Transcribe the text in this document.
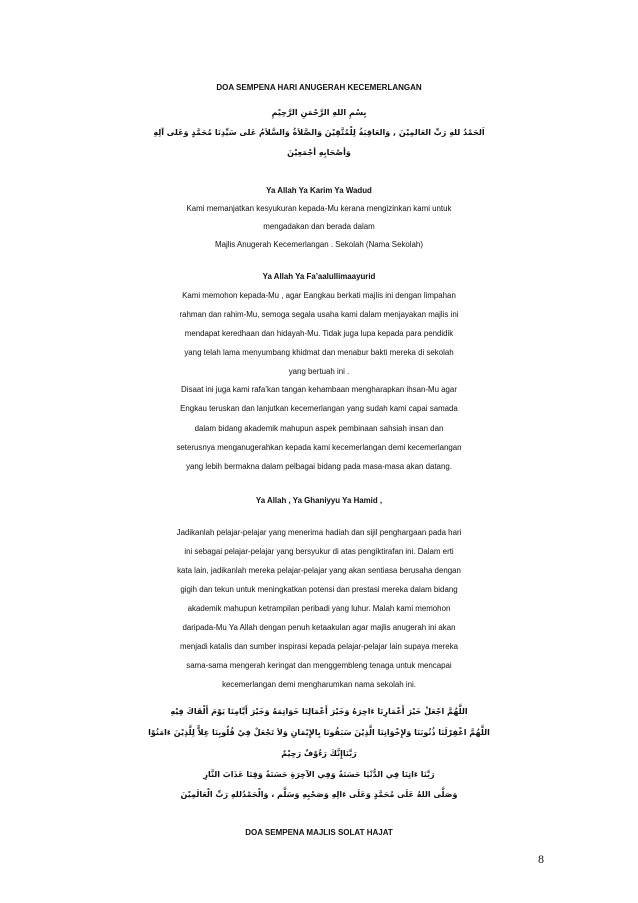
DOA SEMPENA HARI ANUGERAH KECEMERLANGAN
بِسْمِ اللهِ الرَّحْمَنِ الرَّحِيْمِ
اَلحَمْدُ للهِ رَبِّ العَالمِيْنَ , وَالعَاقِبَةُ لِلْمُتَّقِيْنَ وَالصَّلاَةُ وَالسَّلاَمُ عَلى سَيِّدِنَا مُحَمَّدٍ وَعَلى آلِهِ
وَأصْحَابِهِ أجْمَعِيْنَ
Ya Allah Ya Karim Ya Wadud
Kami memanjatkan kesyukuran kepada-Mu kerana mengizinkan kami untuk
mengadakan dan berada dalam
Majlis Anugerah Kecemerlangan . Sekolah (Nama Sekolah)
Ya Allah Ya Fa’aalullimaayurid
Kami memohon kepada-Mu , agar Eangkau berkati majlis ini dengan limpahan
rahman dan rahim-Mu, semoga segala usaha kami dalam menjayakan majlis ini
mendapat keredhaan dan hidayah-Mu. Tidak juga lupa kepada para pendidik
yang telah lama menyumbang khidmat dan menabur bakti mereka di sekolah
yang bertuah ini .
Disaat ini juga kami rafa’kan tangan kehambaan mengharapkan ihsan-Mu agar
Engkau teruskan dan lanjutkan kecemerlangan yang sudah kami capai samada
dalam bidang akademik mahupun aspek pembinaan sahsiah insan dan
seterusnya menganugerahkan kepada kami kecemerlangan demi kecemerlangan
yang lebih bermakna dalam pelbagai bidang pada masa-masa akan datang.
Ya Allah , Ya Ghaniyyu Ya Hamid ,
Jadikanlah pelajar-pelajar yang menerima hadiah dan sijil penghargaan pada hari
ini sebagai pelajar-pelajar yang bersyukur di atas pengiktirafan ini. Dalam erti
kata lain, jadikanlah mereka pelajar-pelajar yang akan sentiasa berusaha dengan
gigih dan tekun untuk meningkatkan potensi dan prestasi mereka dalam bidang
akademik mahupun ketrampilan peribadi yang luhur. Malah kami memohon
daripada-Mu Ya Allah dengan penuh ketaakulan agar majlis anugerah ini akan
menjadi katalis dan sumber inspirasi kepada pelajar-pelajar lain supaya mereka
sama-sama mengerah keringat dan menggembleng tenaga untuk mencapai
kecemerlangan demi mengharumkan nama sekolah ini.
اللَّهُمَّ اجْعَلْ خَيْرَ أَعْمَارِنَا ءَاخِرَهُ وَخَيْرَ أَعْمَالِنَا خَوَاتِمَهُ وَخَيْرَ أَيَّامِنَا يَوْمَ أَلْقَاكَ فِيْهِ
اللَّهُمَّ اغْفِرْلَنَا ذُنُوبَنَا وَلإِخْوَانِنَا الَّذِيْنَ سَبَقُونَا بِالإِيْمَانِ وَلاَ تَجْعَلْ فِيْ قُلُوبِنَا غِلاًّ لِلَّذِيْنَ ءَامَنُوْا
رَبَّنَاإِنَّكَ رَءُوْفٌ رَحِيْمٌ
رَبَّنَا ءَاتِنَا فِي الدُّنْيَا حَسَنَةً وَفِي الآخِرَةِ حَسَنَةً وَقِنَا عَذَابَ النَّارِ
وَصَلَّى اللهُ عَلَى مُحَمَّدٍ وَعَلَى ءَالِهِ وَصَحْبِهِ وَسَلَّم ، وَالْحَمْدُللهِ رَبِّ الْعَالَمِيْنَ
DOA SEMPENA MAJLIS SOLAT HAJAT
8
